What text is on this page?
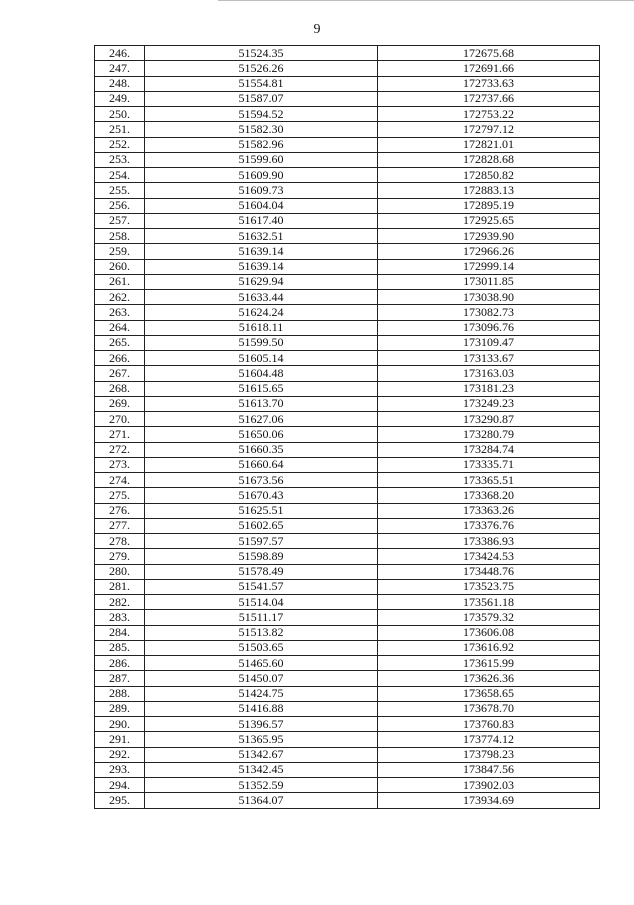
9
246.	51524.35	172675.68
247.	51526.26	172691.66
248.	51554.81	172733.63
249.	51587.07	172737.66
250.	51594.52	172753.22
251.	51582.30	172797.12
252.	51582.96	172821.01
253.	51599.60	172828.68
254.	51609.90	172850.82
255.	51609.73	172883.13
256.	51604.04	172895.19
257.	51617.40	172925.65
258.	51632.51	172939.90
259.	51639.14	172966.26
260.	51639.14	172999.14
261.	51629.94	173011.85
262.	51633.44	173038.90
263.	51624.24	173082.73
264.	51618.11	173096.76
265.	51599.50	173109.47
266.	51605.14	173133.67
267.	51604.48	173163.03
268.	51615.65	173181.23
269.	51613.70	173249.23
270.	51627.06	173290.87
271.	51650.06	173280.79
272.	51660.35	173284.74
273.	51660.64	173335.71
274.	51673.56	173365.51
275.	51670.43	173368.20
276.	51625.51	173363.26
277.	51602.65	173376.76
278.	51597.57	173386.93
279.	51598.89	173424.53
280.	51578.49	173448.76
281.	51541.57	173523.75
282.	51514.04	173561.18
283.	51511.17	173579.32
284.	51513.82	173606.08
285.	51503.65	173616.92
286.	51465.60	173615.99
287.	51450.07	173626.36
288.	51424.75	173658.65
289.	51416.88	173678.70
290.	51396.57	173760.83
291.	51365.95	173774.12
292.	51342.67	173798.23
293.	51342.45	173847.56
294.	51352.59	173902.03
295.	51364.07	173934.69
